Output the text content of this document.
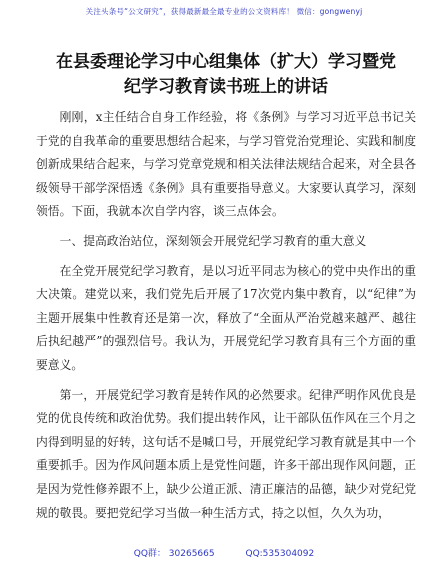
关注头条号“公文研究”，获得最新最全最专业的公文资料库！ 微信：gongwenyj
在县委理论学习中心组集体（扩大）学习暨党
纪学习教育读书班上的讲话

刚刚，x主任结合自身工作经验，将《条例》与学习习近平总书记关于党的自我革命的重要思想结合起来，与学习管党治党理论、实践和制度创新成果结合起来，与学习党章党规和相关法律法规结合起来，对全县各级领导干部学深悟透《条例》具有重要指导意义。大家要认真学习，深刻领悟。下面，我就本次自学内容，谈三点体会。

一、提高政治站位，深刻领会开展党纪学习教育的重大意义

在全党开展党纪学习教育，是以习近平同志为核心的党中央作出的重大决策。建党以来，我们党先后开展了17次党内集中教育，以“纪律”为主题开展集中性教育还是第一次，释放了“全面从严治党越来越严、越往后执纪越严”的强烈信号。我认为，开展党纪学习教育具有三个方面的重要意义。

第一，开展党纪学习教育是转作风的必然要求。纪律严明作风优良是党的优良传统和政治优势。我们提出转作风，让干部队伍作风在三个月之内得到明显的好转，这句话不是喊口号，开展党纪学习教育就是其中一个重要抓手。因为作风问题本质上是党性问题，许多干部出现作风问题，正是因为党性修养跟不上，缺少公道正派、清正廉洁的品德，缺少对党纪党规的敬畏。要把党纪学习当做一种生活方式，持之以恒，久久为功，

QQ群： 30265665	QQ:535304092
